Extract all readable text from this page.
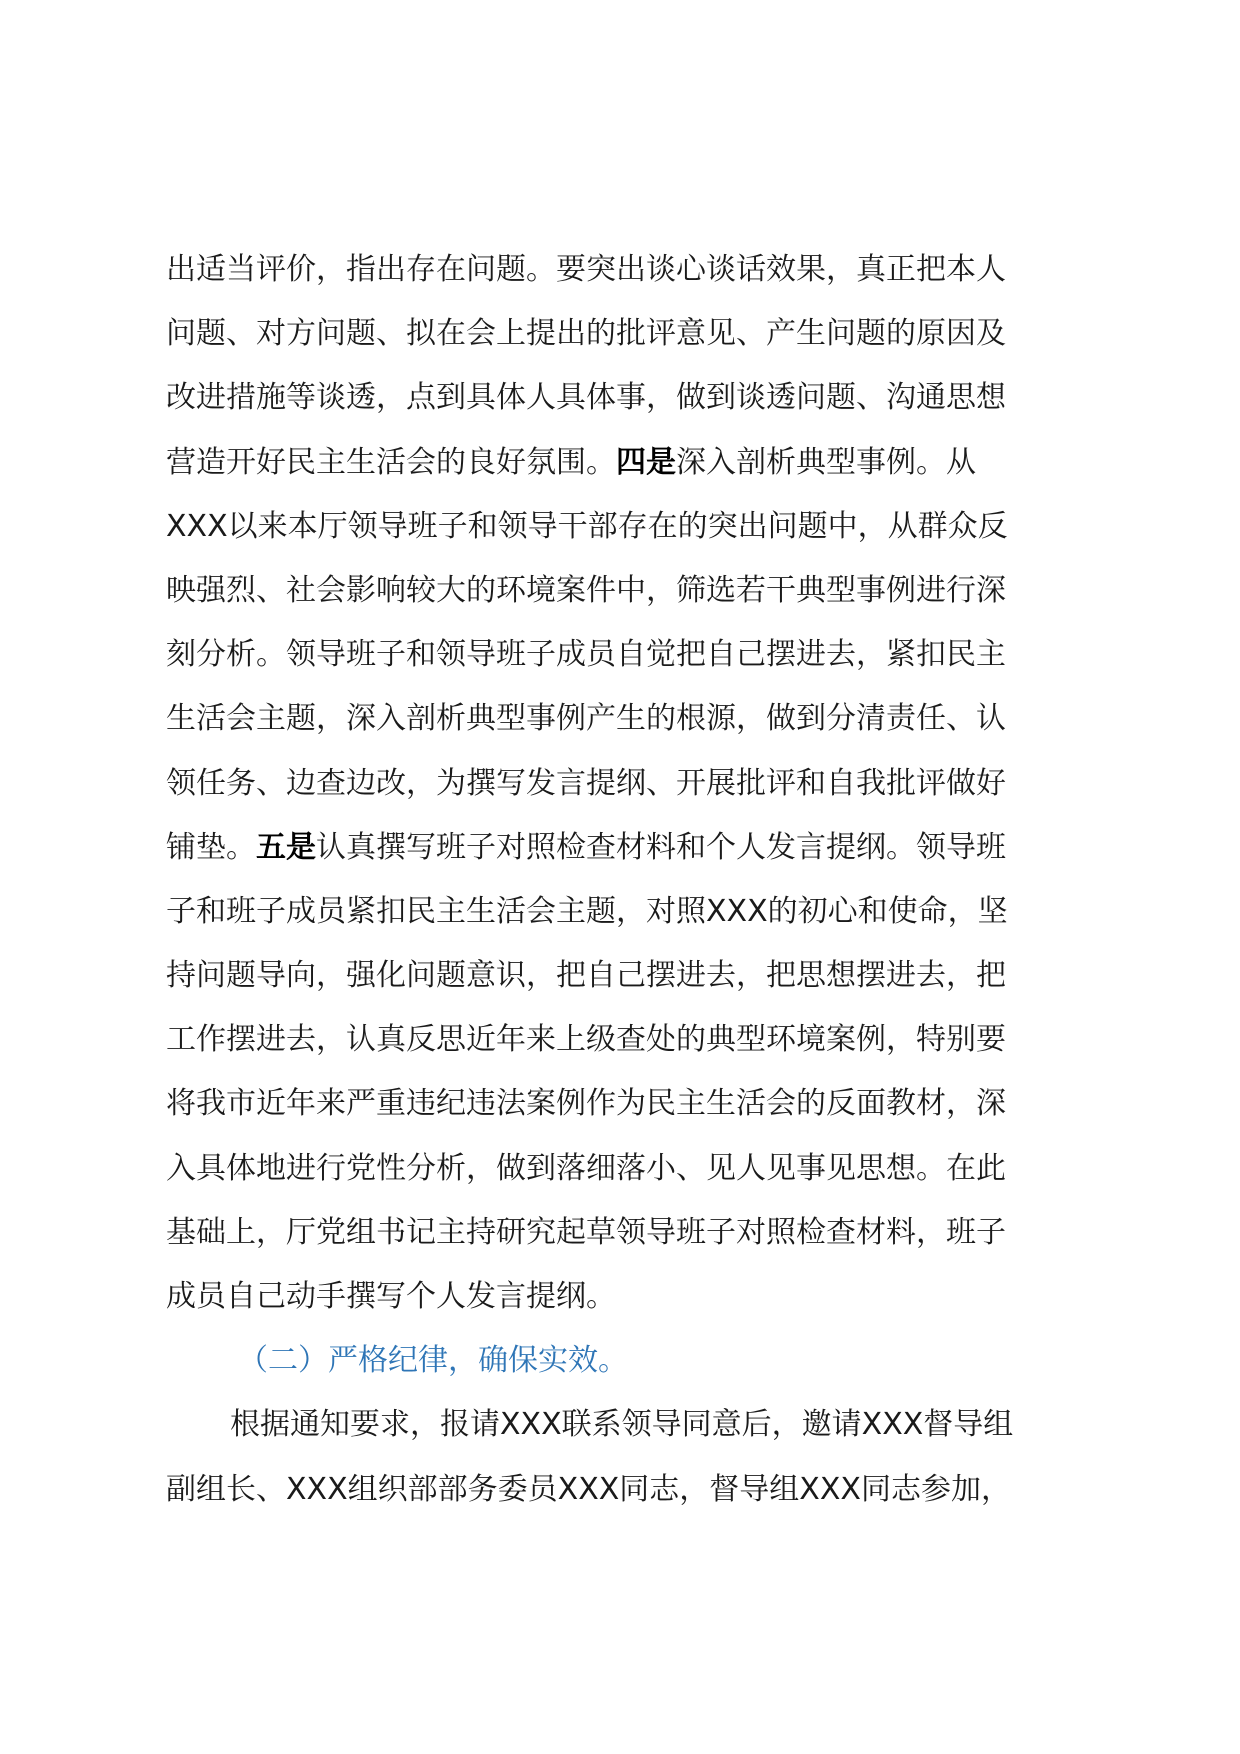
出适当评价，指出存在问题。要突出谈心谈话效果，真正把本人
问题、对方问题、拟在会上提出的批评意见、产生问题的原因及
改进措施等谈透，点到具体人具体事，做到谈透问题、沟通思想
营造开好民主生活会的良好氛围。四是深入剖析典型事例。从
XXX以来本厅领导班子和领导干部存在的突出问题中，从群众反
映强烈、社会影响较大的环境案件中，筛选若干典型事例进行深
刻分析。领导班子和领导班子成员自觉把自己摆进去，紧扣民主
生活会主题，深入剖析典型事例产生的根源，做到分清责任、认
领任务、边查边改，为撰写发言提纲、开展批评和自我批评做好
铺垫。五是认真撰写班子对照检查材料和个人发言提纲。领导班
子和班子成员紧扣民主生活会主题，对照XXX的初心和使命，坚
持问题导向，强化问题意识，把自己摆进去，把思想摆进去，把
工作摆进去，认真反思近年来上级查处的典型环境案例，特别要
将我市近年来严重违纪违法案例作为民主生活会的反面教材，深
入具体地进行党性分析，做到落细落小、见人见事见思想。在此
基础上，厅党组书记主持研究起草领导班子对照检查材料，班子
成员自己动手撰写个人发言提纲。
（二）严格纪律，确保实效。
根据通知要求，报请XXX联系领导同意后，邀请XXX督导组
副组长、XXX组织部部务委员XXX同志，督导组XXX同志参加，
